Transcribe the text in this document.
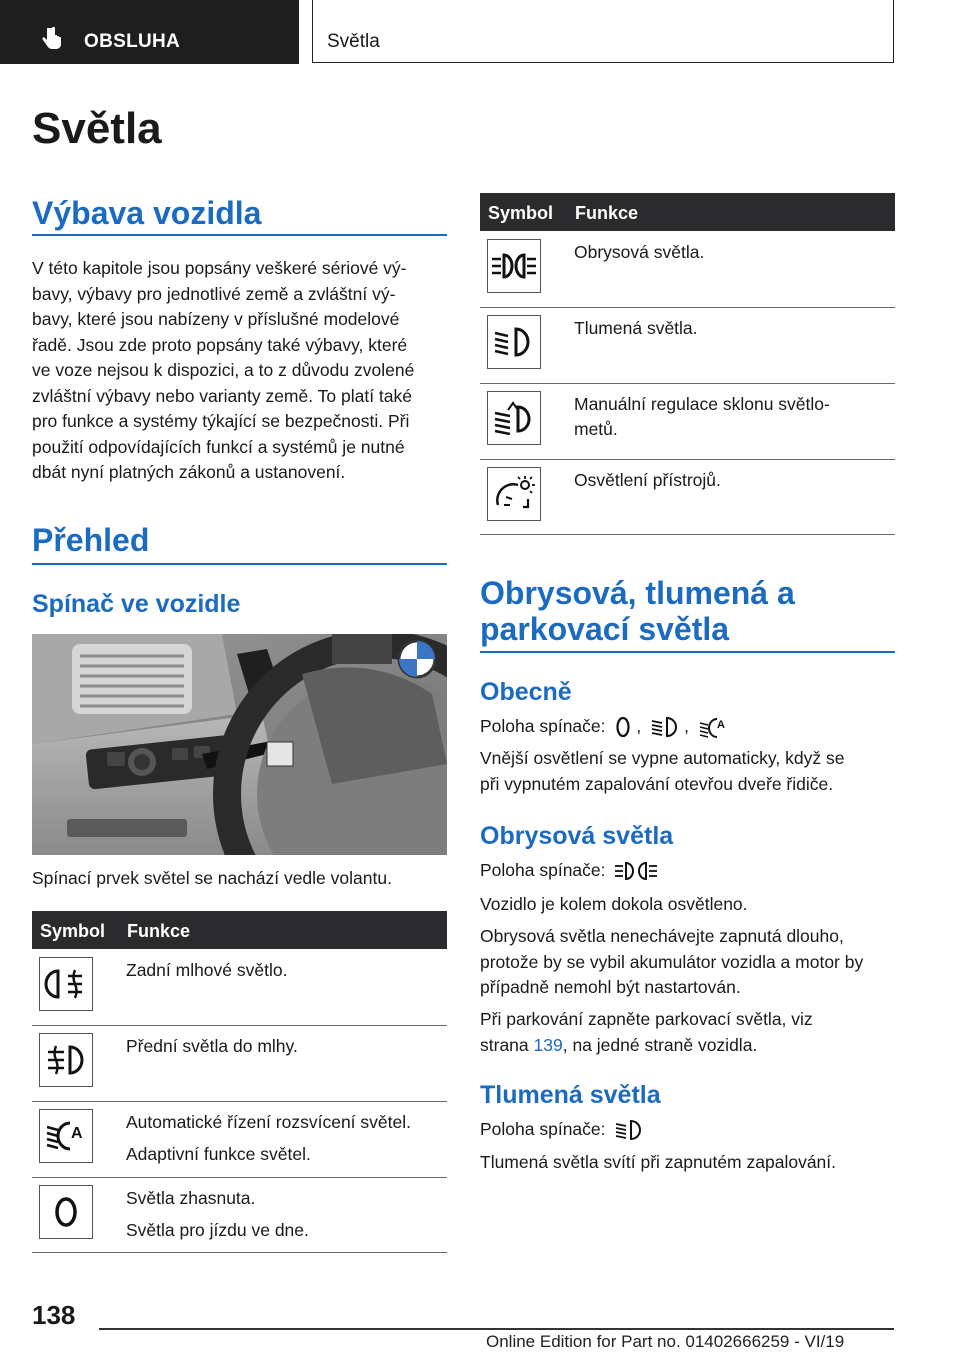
OBSLUHA	Světla
Světla
Výbava vozidla
V této kapitole jsou popsány veškeré sériové vý-
bavy, výbavy pro jednotlivé země a zvláštní vý-
bavy, které jsou nabízeny v příslušné modelové
řadě. Jsou zde proto popsány také výbavy, které
ve voze nejsou k dispozici, a to z důvodu zvolené
zvláštní výbavy nebo varianty země. To platí také
pro funkce a systémy týkající se bezpečnosti. Při
použití odpovídajících funkcí a systémů je nutné
dbát nyní platných zákonů a ustanovení.
Přehled
Spínač ve vozidle
Spínací prvek světel se nachází vedle volantu.
Symbol Funkce
Zadní mlhové světlo.
Přední světla do mlhy.
A
Automatické řízení rozsvícení světel.
Adaptivní funkce světel.
Světla zhasnuta.
Světla pro jízdu ve dne.
Symbol Funkce
Obrysová světla.
Tlumená světla.
Manuální regulace sklonu světlo-
metů.
Osvětlení přístrojů.
Obrysová, tlumená a
parkovací světla
Obecně
Poloha spínače: , ,	A
Vnější osvětlení se vypne automaticky, když se
při vypnutém zapalování otevřou dveře řidiče.
Obrysová světla
Poloha spínače:
Vozidlo je kolem dokola osvětleno.
Obrysová světla nenechávejte zapnutá dlouho,
protože by se vybil akumulátor vozidla a motor by
případně nemohl být nastartován.
Při parkování zapněte parkovací světla, viz
strana 139, na jedné straně vozidla.
Tlumená světla
Poloha spínače:
Tlumená světla svítí při zapnutém zapalování.
138
Online Edition for Part no. 01402666259 - VI/19
